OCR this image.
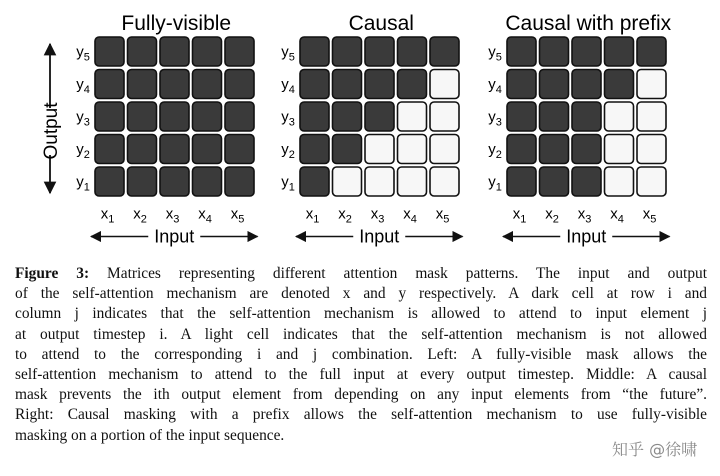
Output
Fully-visible
$y_5$
$y_4$
$y_3$
$y_2$
$y_1$
$x_1$ $x_2$ $x_3$ $x_4$ $x_5$
Input
Causal
$y_5$
$y_4$
$y_3$
$y_2$
$y_1$
$x_1$ $x_2$ $x_3$ $x_4$ $x_5$
Input
Causal with prefix
$y_5$
$y_4$
$y_3$
$y_2$
$y_1$
$x_1$ $x_2$ $x_3$ $x_4$ $x_5$
Input
Figure 3: Matrices representing different attention mask patterns. The input and output
of the self-attention mechanism are denoted x and y respectively. A dark cell at row i and
column j indicates that the self-attention mechanism is allowed to attend to input element j
at output timestep i. A light cell indicates that the self-attention mechanism is not allowed
to attend to the corresponding i and j combination. Left: A fully-visible mask allows the
self-attention mechanism to attend to the full input at every output timestep. Middle: A causal
mask prevents the ith output element from depending on any input elements from “the future”.
Right: Causal masking with a prefix allows the self-attention mechanism to use fully-visible
masking on a portion of the input sequence.
知乎 @徐啸
